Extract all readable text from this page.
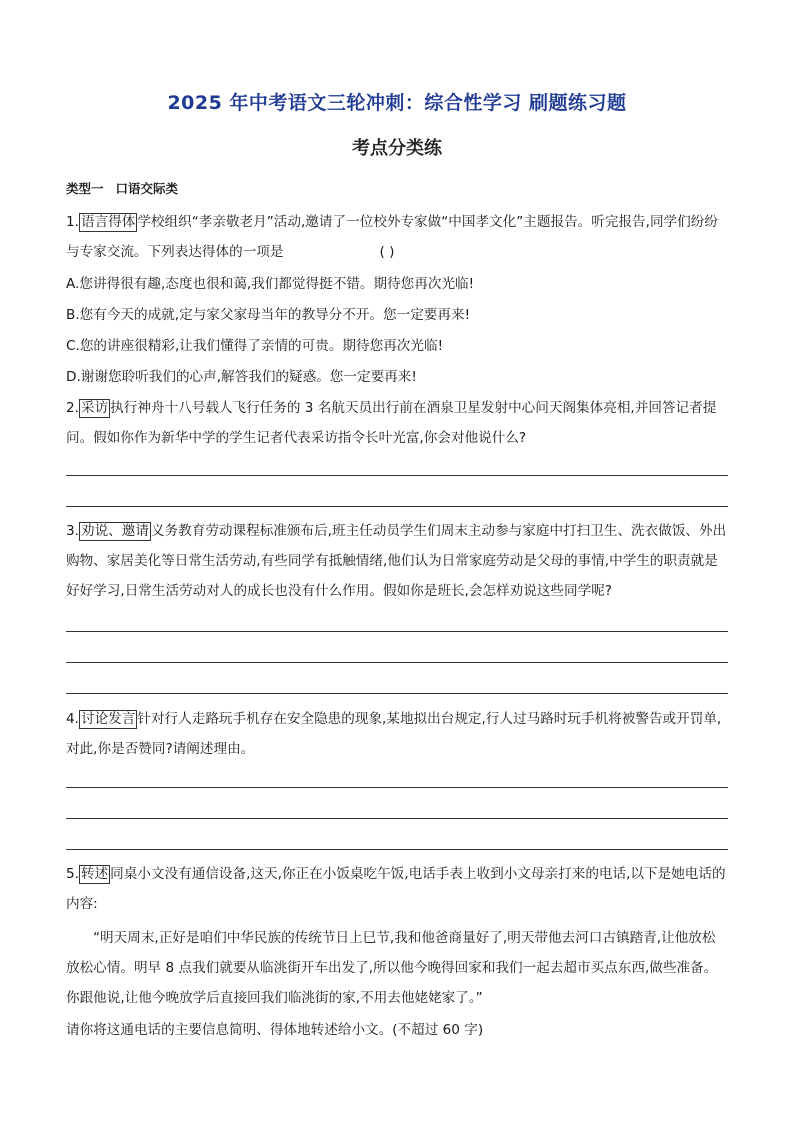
2025 年中考语文三轮冲刺：综合性学习 刷题练习题
考点分类练
类型一 口语交际类
1. 语言得体 学校组织“孝亲敬老月”活动,邀请了一位校外专家做“中国孝文化”主题报告。听完报告,同学们纷纷与专家交流。下列表达得体的一项是	( )
A.您讲得很有趣,态度也很和蔼,我们都觉得挺不错。期待您再次光临!
B.您有今天的成就,定与家父家母当年的教导分不开。您一定要再来!
C.您的讲座很精彩,让我们懂得了亲情的可贵。期待您再次光临!
D.谢谢您聆听我们的心声,解答我们的疑惑。您一定要再来!
2. 采访 执行神舟十八号载人飞行任务的 3 名航天员出行前在酒泉卫星发射中心问天阁集体亮相,并回答记者提问。假如你作为新华中学的学生记者代表采访指令长叶光富,你会对他说什么?
3. 劝说、邀请 义务教育劳动课程标准颁布后,班主任动员学生们周末主动参与家庭中打扫卫生、洗衣做饭、外出购物、家居美化等日常生活劳动,有些同学有抵触情绪,他们认为日常家庭劳动是父母的事情,中学生的职责就是好好学习,日常生活劳动对人的成长也没有什么作用。假如你是班长,会怎样劝说这些同学呢?
4. 讨论发言 针对行人走路玩手机存在安全隐患的现象,某地拟出台规定,行人过马路时玩手机将被警告或开罚单,对此,你是否赞同?请阐述理由。
5. 转述 同桌小文没有通信设备,这天,你正在小饭桌吃午饭,电话手表上收到小文母亲打来的电话,以下是她电话的内容:
“明天周末,正好是咱们中华民族的传统节日上巳节,我和他爸商量好了,明天带他去河口古镇踏青,让他放松放松心情。明早 8 点我们就要从临洮街开车出发了,所以他今晚得回家和我们一起去超市买点东西,做些准备。你跟他说,让他今晚放学后直接回我们临洮街的家,不用去他姥姥家了。”
请你将这通电话的主要信息简明、得体地转述给小文。(不超过 60 字)
